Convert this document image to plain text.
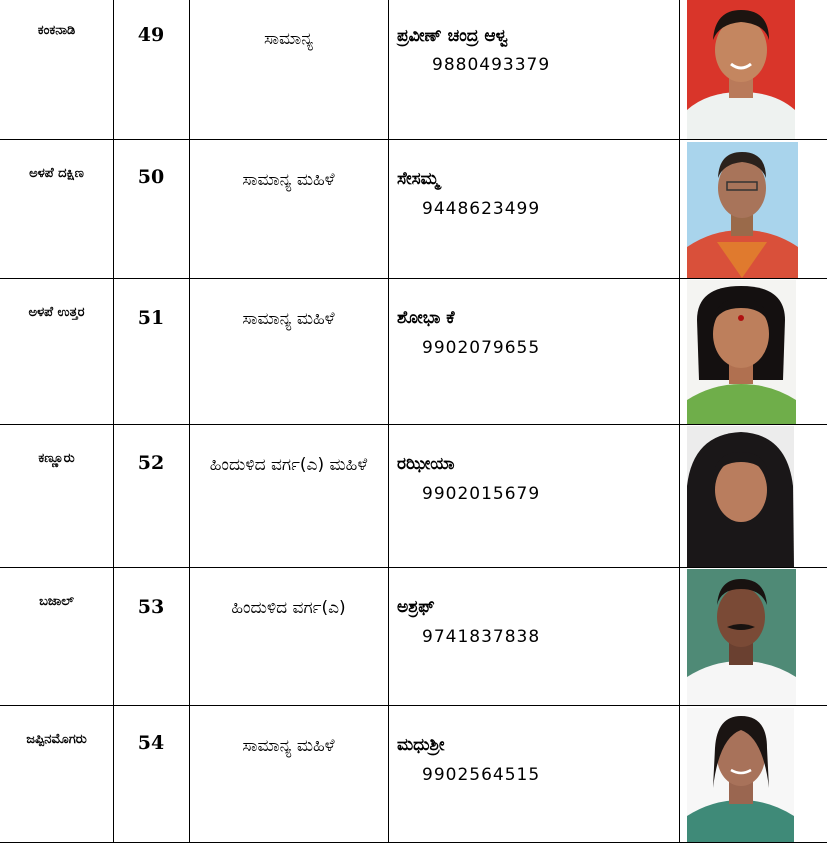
ಕಂಕನಾಡಿ	49	ಸಾಮಾನ್ಯ	ಪ್ರವೀಣ್ ಚಂದ್ರ ಆಳ್ವ
9880493379
ಅಳಪೆ ದಕ್ಷಿಣ	50	ಸಾಮಾನ್ಯ ಮಹಿಳೆ	ಸೇಸಮ್ಮ
9448623499
ಅಳಪೆ ಉತ್ತರ	51	ಸಾಮಾನ್ಯ ಮಹಿಳೆ	ಶೋಭಾ ಕೆ
9902079655
ಕಣ್ಣೂರು	52	ಹಿಂದುಳಿದ ವರ್ಗ(ಎ) ಮಹಿಳೆ	ರಝೀಯಾ
9902015679
ಬಜಾಲ್	53	ಹಿಂದುಳಿದ ವರ್ಗ(ಎ)	ಅಶ್ರಫ್
9741837838
ಜಪ್ಪಿನಮೊಗರು	54	ಸಾಮಾನ್ಯ ಮಹಿಳೆ	ಮಧುಶ್ರೀ
9902564515
